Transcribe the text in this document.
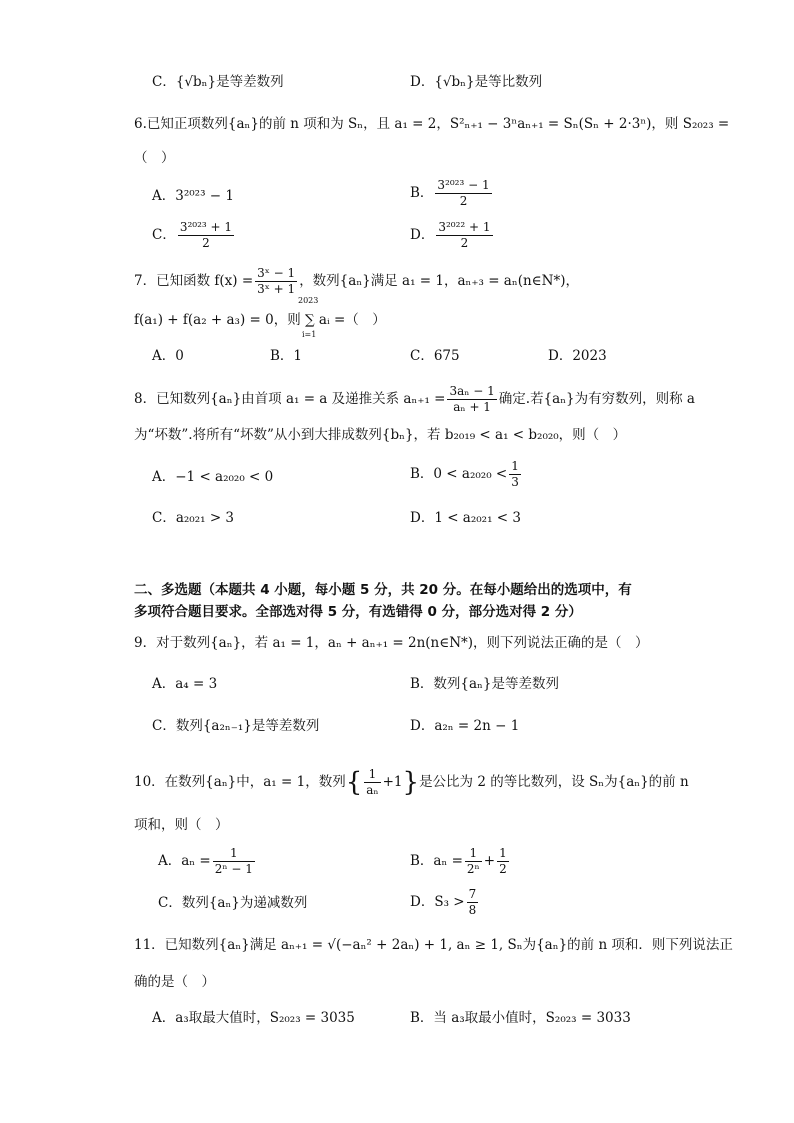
C．{√bₙ}是等差数列	D．{√bₙ}是等比数列
6.已知正项数列{aₙ}的前 n 项和为 Sₙ，且 a₁ = 2，S²ₙ₊₁ − 3ⁿaₙ₊₁ = Sₙ(Sₙ + 2·3ⁿ)，则 S₂₀₂₃ =
（　）
A．3²⁰²³ − 1	B． $\frac{\text{3²⁰²³ − 1}}{2}$
C． $\frac{\text{3²⁰²³ + 1}}{2}$	D． $\frac{\text{3²⁰²² + 1}}{2}$
7．已知函数 $f(x) = \frac{\text{3ˣ − 1}}{\text{3ˣ + 1}}$ ，数列{aₙ}满足 a₁ = 1，aₙ₊₃ = aₙ(n∈N*)，
f(a₁) + f(a₂ + a₃) = 0，则 ∑ aᵢ =（　）
2023
i=1
A．0	B．1	C．675	D．2023
8．已知数列{aₙ}由首项 a₁ = a 及递推关系 $a_{n+1} = \frac{\text{3aₙ − 1}}{\text{aₙ + 1}}$ 确定.若{aₙ}为有穷数列，则称 a
为“坏数”.将所有“坏数”从小到大排成数列{bₙ}，若 b₂₀₁₉ < a₁ < b₂₀₂₀，则（　）
A．−1 < a₂₀₂₀ < 0	B．$0 < a_{2020} < \frac{1}{3}$
C．a₂₀₂₁ > 3	D．1 < a₂₀₂₁ < 3
二、多选题（本题共 4 小题，每小题 5 分，共 20 分。在每小题给出的选项中，有
多项符合题目要求。全部选对得 5 分，有选错得 0 分，部分选对得 2 分）
9．对于数列{aₙ}，若 a₁ = 1，aₙ + aₙ₊₁ = 2n(n∈N*)，则下列说法正确的是（　）
A．a₄ = 3	B．数列{aₙ}是等差数列
C．数列{a₂ₙ₋₁}是等差数列	D．a₂ₙ = 2n − 1
10．在数列{aₙ}中，a₁ = 1，数列{ $\frac{1}{\text{aₙ}} +1$}是公比为 2 的等比数列，设 Sₙ为{aₙ}的前 n
项和，则（　）
A．$a_n = \frac{1}{\text{2ⁿ − 1}}$	B．$a_n = \frac{1}{\text{2ⁿ}} + \frac{1}{2}$
C．数列{aₙ}为递减数列	D．$S_3 > \frac{7}{8}$
11．已知数列{aₙ}满足 aₙ₊₁ = √(−aₙ² + 2aₙ) + 1, aₙ ≥ 1, Sₙ为{aₙ}的前 n 项和．则下列说法正
确的是（　）
A．a₃取最大值时，S₂₀₂₃ = 3035	B．当 a₃取最小值时，S₂₀₂₃ = 3033
